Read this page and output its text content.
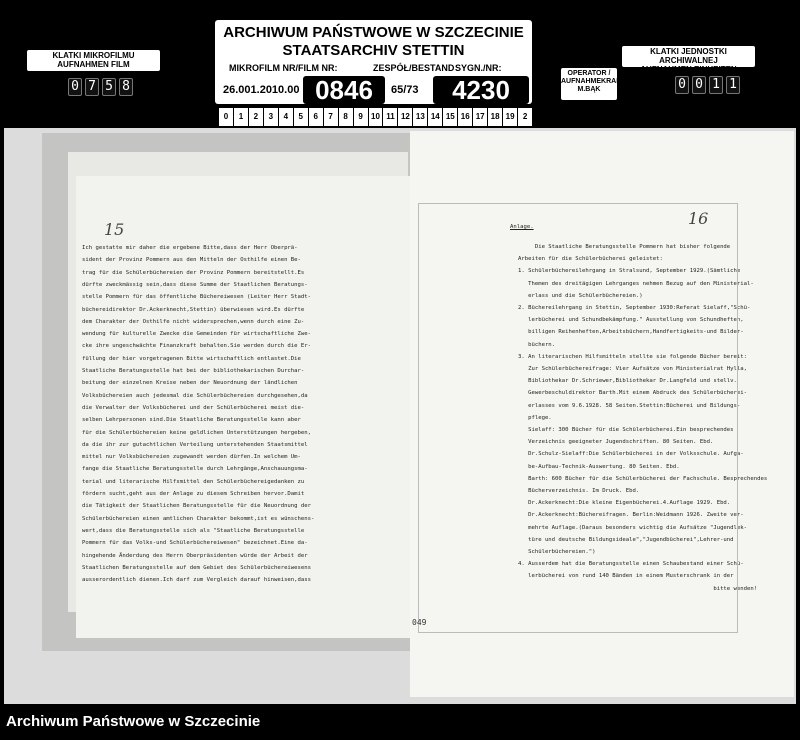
KLATKI MIKROFILMU
AUFNAHMEN FILM
0 7 5 8
ARCHIWUM PAŃSTWOWE W SZCZECINIE
STAATSARCHIV STETTIN
MIKROFILM NR/FILM NR:	ZESPÓŁ/BESTAND SYGN./NR:
26.001.2010.00 0846	65/73	4230
0	1	2	3	4	5	6	7	8	9	10 11 12 13 14 15 16 17 18 19	2
OPERATOR /
AUFNAHMEKRAFT
M.BĄK
KLATKI JEDNOSTKI ARCHIWALNEJ
AUFNAHMEN EINHEITEN
0 0 1 1
15
Ich gestatte mir daher die ergebene Bitte,dass der Herr Oberprä-
sident der Provinz Pommern aus den Mitteln der Osthilfe einen Be-
trag für die Schülerbüchereien der Provinz Pommern bereitstellt.Es
dürfte zweckmässig sein,dass diese Summe der Staatlichen Beratungs-
stelle Pommern für das öffentliche Büchereiwesen (Leiter Herr Stadt-
büchereidirektor Dr.Ackerknecht,Stettin) überwiesen wird.Es dürfte
dem Charakter der Osthilfe nicht widersprechen,wenn durch eine Zu-
wendung für kulturelle Zwecke die Gemeinden für wirtschaftliche Zwe-
cke ihre ungeschwächte Finanzkraft behalten.Sie werden durch die Er-
füllung der hier vorgetragenen Bitte wirtschaftlich entlastet.Die
Staatliche Beratungsstelle hat bei der bibliothekarischen Durchar-
beitung der einzelnen Kreise neben der Neuordnung der ländlichen
Volksbüchereien auch jedesmal die Schülerbüchereien durchgesehen,da
die Verwalter der Volksbücherei und der Schülerbücherei meist die-
selben Lehrpersonen sind.Die Staatliche Beratungsstelle kann aber
für die Schülerbüchereien keine geldlichen Unterstützungen hergeben,
da die ihr zur gutachtlichen Verteilung unterstehenden Staatsmittel
mittel nur Volksbüchereien zugewandt werden dürfen.In welchem Um-
fange die Staatliche Beratungsstelle durch Lehrgänge,Anschauungsma-
terial und literarische Hilfsmittel den Schülerbüchereigedanken zu
fördern sucht,geht aus der Anlage zu diesem Schreiben hervor.Damit
die Tätigkeit der Staatlichen Beratungsstelle für die Neuordnung der
Schülerbüchereien einen amtlichen Charakter bekommt,ist es wünschens-
wert,dass die Beratungsstelle sich als "Staatliche Beratungsstelle
Pommern für das Volks-und Schülerbüchereiwesen" bezeichnet.Eine da-
hingehende Änderdung des Herrn Oberpräsidenten würde der Arbeit der
Staatlichen Beratungsstelle auf dem Gebiet des Schülerbüchereiwesens
ausserordentlich dienen.Ich darf zum Vergleich darauf hinweisen,dass
16
Anlage.
Die Staatliche Beratungsstelle Pommern hat bisher folgende
Arbeiten für die Schülerbücherei geleistet:
1. Schülerbüchereilehrgang in Stralsund, September 1929.(Sämtliche
Themen des dreitägigen Lehrganges nehmen Bezug auf den Ministerial-
erlass und die Schülerbüchereien.)
2. Büchereilehrgang in Stettin, September 1930:Referat Sielaff,"Schü-
lerbücherei und Schundbekämpfung." Ausstellung von Schundheften,
billigen Reihenheften,Arbeitsbüchern,Handfertigkeits-und Bilder-
büchern.
3. An literarischen Hilfsmitteln stellte sie folgende Bücher bereit:
Zur Schülerbüchereifrage: Vier Aufsätze von Ministerialrat Hylla,
Bibliothekar Dr.Schriewer,Bibliothekar Dr.Langfeld und stellv.
Gewerbeschuldirektor Barth.Mit einem Abdruck des Schülerbücherei-
erlasses vom 9.6.1928. 58 Seiten.Stettin:Bücherei und Bildungs-
pflege.
Sielaff: 300 Bücher für die Schülerbücherei.Ein besprechendes
Verzeichnis geeigneter Jugendschriften. 80 Seiten. Ebd.
Dr.Schulz-Sielaff:Die Schülerbücherei in der Volksschule. Aufga-
be-Aufbau-Technik-Auswertung. 80 Seiten. Ebd.
Barth: 600 Bücher für die Schülerbücherei der Fachschule. Besprechendes
Bücherverzeichnis. Im Druck. Ebd.
Dr.Ackerknecht:Die kleine Eigenbücherei.4.Auflage 1929. Ebd.
Dr.Ackerknecht:Büchereifragen. Berlin:Weidmann 1926. Zweite ver-
mehrte Auflage.(Daraus besonders wichtig die Aufsätze "Jugendlek-
türe und deutsche Bildungsideale","Jugendbücherei",Lehrer-und
Schülerbüchereien.")
4. Ausserdem hat die Beratungsstelle einen Schaubestand einer Schü-
lerbücherei von rund 140 Bänden in einem Musterschrank in der
bitte wenden!
049
Archiwum Państwowe w Szczecinie
